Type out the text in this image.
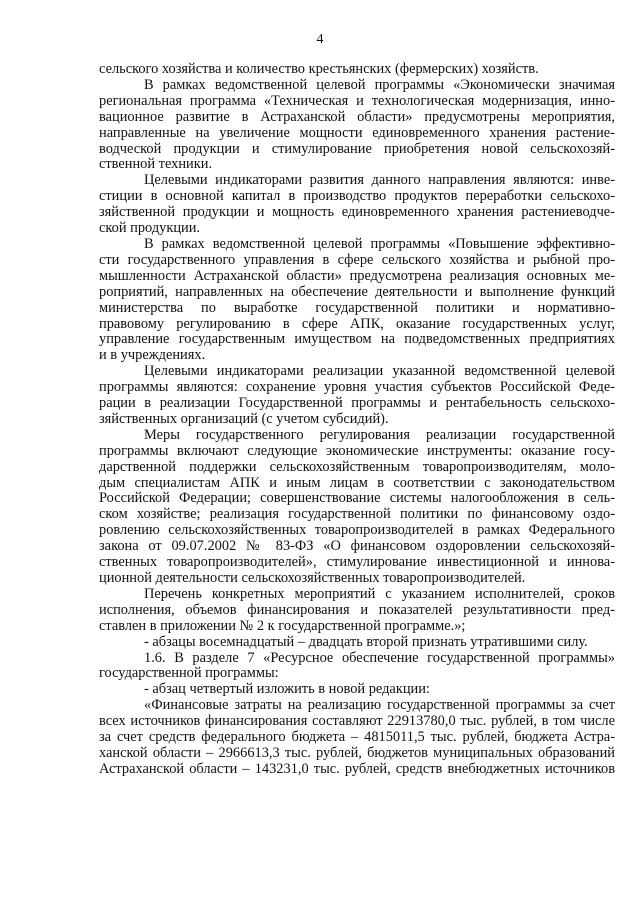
4
сельского хозяйства и количество крестьянских (фермерских) хозяйств.
В рамках ведомственной целевой программы «Экономически значимая
региональная программа «Техническая и технологическая модернизация, инно-
вационное развитие в Астраханской области» предусмотрены мероприятия,
направленные на увеличение мощности единовременного хранения растение-
водческой продукции и стимулирование приобретения новой сельскохозяй-
ственной техники.
Целевыми индикаторами развития данного направления являются: инве-
стиции в основной капитал в производство продуктов переработки сельскохо-
зяйственной продукции и мощность единовременного хранения растениеводче-
ской продукции.
В рамках ведомственной целевой программы «Повышение эффективно-
сти государственного управления в сфере сельского хозяйства и рыбной про-
мышленности Астраханской области» предусмотрена реализация основных ме-
роприятий, направленных на обеспечение деятельности и выполнение функций
министерства по выработке государственной политики и нормативно-
правовому регулированию в сфере АПК, оказание государственных услуг,
управление государственным имуществом на подведомственных предприятиях
и в учреждениях.
Целевыми индикаторами реализации указанной ведомственной целевой
программы являются: сохранение уровня участия субъектов Российской Феде-
рации в реализации Государственной программы и рентабельность сельскохо-
зяйственных организаций (с учетом субсидий).
Меры государственного регулирования реализации государственной
программы включают следующие экономические инструменты: оказание госу-
дарственной поддержки сельскохозяйственным товаропроизводителям, моло-
дым специалистам АПК и иным лицам в соответствии с законодательством
Российской Федерации; совершенствование системы налогообложения в сель-
ском хозяйстве; реализация государственной политики по финансовому оздо-
ровлению сельскохозяйственных товаропроизводителей в рамках Федерального
закона от 09.07.2002 № 83-ФЗ «О финансовом оздоровлении сельскохозяй-
ственных товаропроизводителей», стимулирование инвестиционной и иннова-
ционной деятельности сельскохозяйственных товаропроизводителей.
Перечень конкретных мероприятий с указанием исполнителей, сроков
исполнения, объемов финансирования и показателей результативности пред-
ставлен в приложении № 2 к государственной программе.»;
- абзацы восемнадцатый – двадцать второй признать утратившими силу.
1.6. В разделе 7 «Ресурсное обеспечение государственной программы»
государственной программы:
- абзац четвертый изложить в новой редакции:
«Финансовые затраты на реализацию государственной программы за счет
всех источников финансирования составляют 22913780,0 тыс. рублей, в том числе
за счет средств федерального бюджета – 4815011,5 тыс. рублей, бюджета Астра-
ханской области – 2966613,3 тыс. рублей, бюджетов муниципальных образований
Астраханской области – 143231,0 тыс. рублей, средств внебюджетных источников
